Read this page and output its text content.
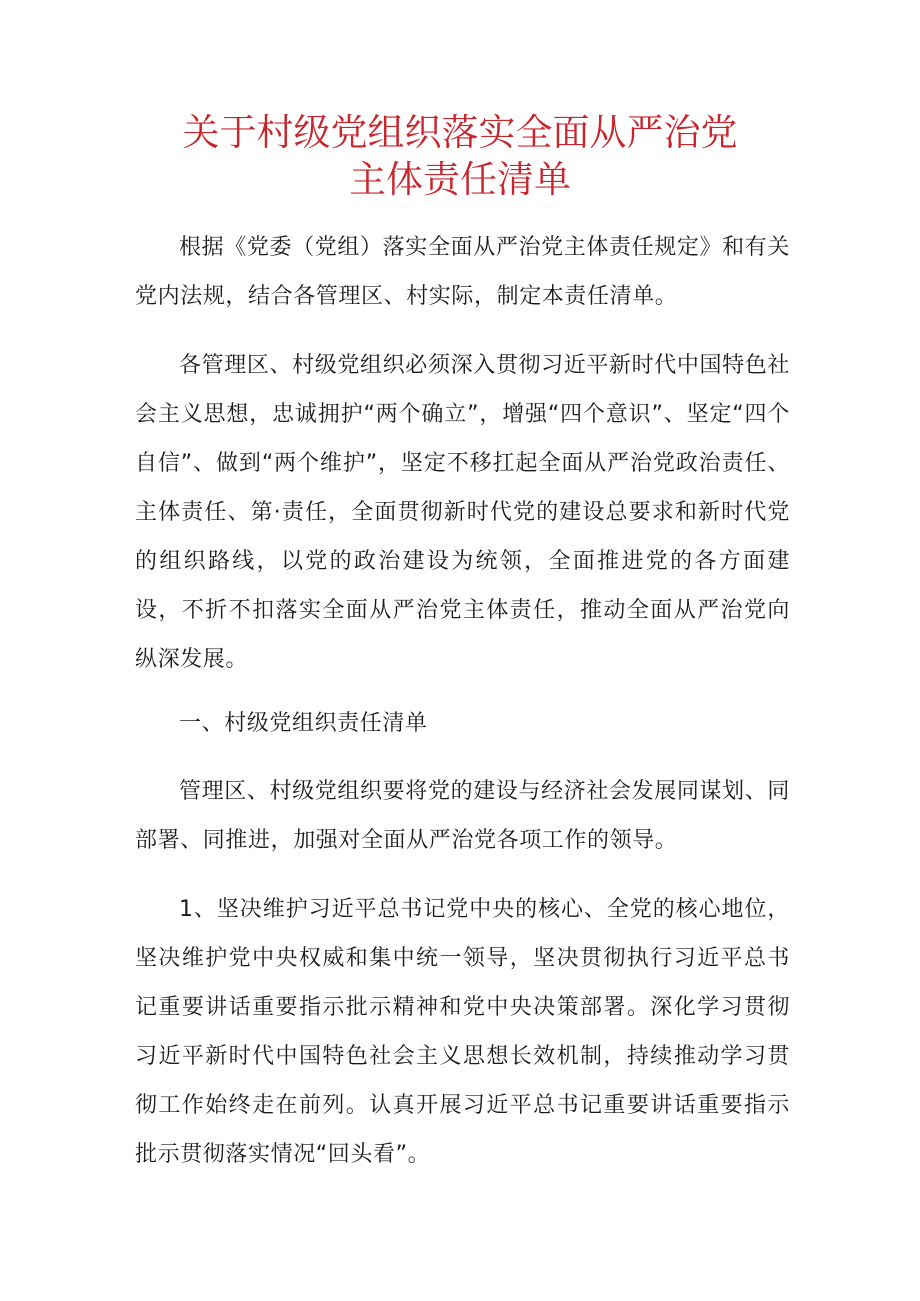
关于村级党组织落实全面从严治党
主体责任清单

根据《党委（党组）落实全面从严治党主体责任规定》和有关党内法规，结合各管理区、村实际，制定本责任清单。

各管理区、村级党组织必须深入贯彻习近平新时代中国特色社会主义思想，忠诚拥护“两个确立”，增强“四个意识”、坚定“四个自信”、做到“两个维护”，坚定不移扛起全面从严治党政治责任、主体责任、第·责任，全面贯彻新时代党的建设总要求和新时代党的组织路线，以党的政治建设为统领，全面推进党的各方面建设，不折不扣落实全面从严治党主体责任，推动全面从严治党向纵深发展。

一、村级党组织责任清单

管理区、村级党组织要将党的建设与经济社会发展同谋划、同部署、同推进，加强对全面从严治党各项工作的领导。

1、坚决维护习近平总书记党中央的核心、全党的核心地位，坚决维护党中央权威和集中统一领导，坚决贯彻执行习近平总书记重要讲话重要指示批示精神和党中央决策部署。深化学习贯彻习近平新时代中国特色社会主义思想长效机制，持续推动学习贯彻工作始终走在前列。认真开展习近平总书记重要讲话重要指示批示贯彻落实情况“回头看”。
